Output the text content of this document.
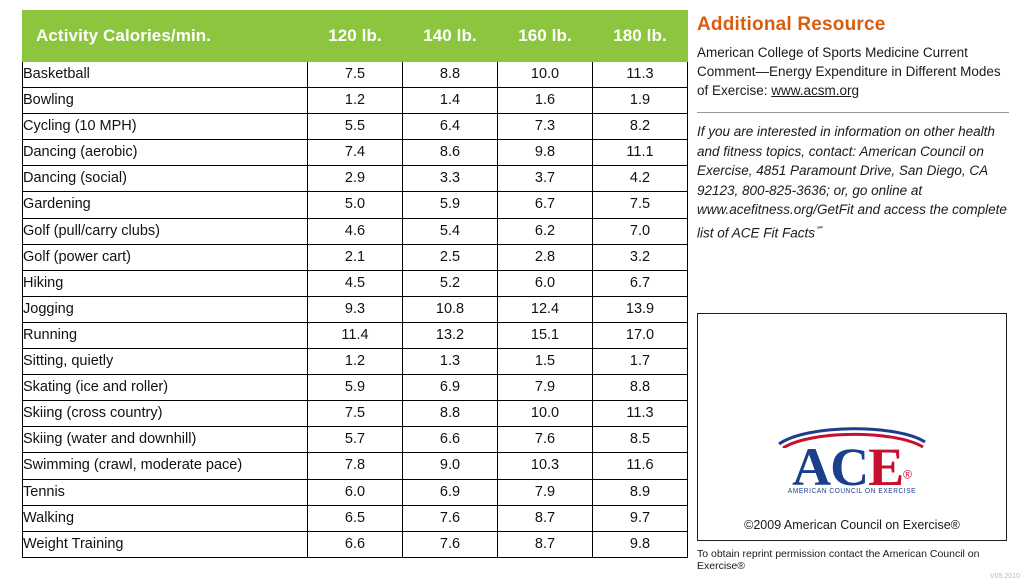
Activity Calories/min.	120 lb.	140 lb.	160 lb.	180 lb.
Basketball	7.5	8.8	10.0	11.3
Bowling	1.2	1.4	1.6	1.9
Cycling (10 MPH)	5.5	6.4	7.3	8.2
Dancing (aerobic)	7.4	8.6	9.8	11.1
Dancing (social)	2.9	3.3	3.7	4.2
Gardening	5.0	5.9	6.7	7.5
Golf (pull/carry clubs)	4.6	5.4	6.2	7.0
Golf (power cart)	2.1	2.5	2.8	3.2
Hiking	4.5	5.2	6.0	6.7
Jogging	9.3	10.8	12.4	13.9
Running	11.4	13.2	15.1	17.0
Sitting, quietly	1.2	1.3	1.5	1.7
Skating (ice and roller)	5.9	6.9	7.9	8.8
Skiing (cross country)	7.5	8.8	10.0	11.3
Skiing (water and downhill)	5.7	6.6	7.6	8.5
Swimming (crawl, moderate pace)	7.8	9.0	10.3	11.6
Tennis	6.0	6.9	7.9	8.9
Walking	6.5	7.6	8.7	9.7
Weight Training	6.6	7.6	8.7	9.8
Additional Resource
American College of Sports Medicine Current Comment—Energy Expenditure in Different Modes of Exercise: www.acsm.org
If you are interested in information on other health and fitness topics, contact: American Council on Exercise, 4851 Paramount Drive, San Diego, CA 92123, 800-825-3636; or, go online at www.acefitness.org/GetFit and access the complete list of ACE Fit Facts℠
ACE®
AMERICAN COUNCIL ON EXERCISE
©2009 American Council on Exercise®
To obtain reprint permission contact the American Council on Exercise®
V05.2010
